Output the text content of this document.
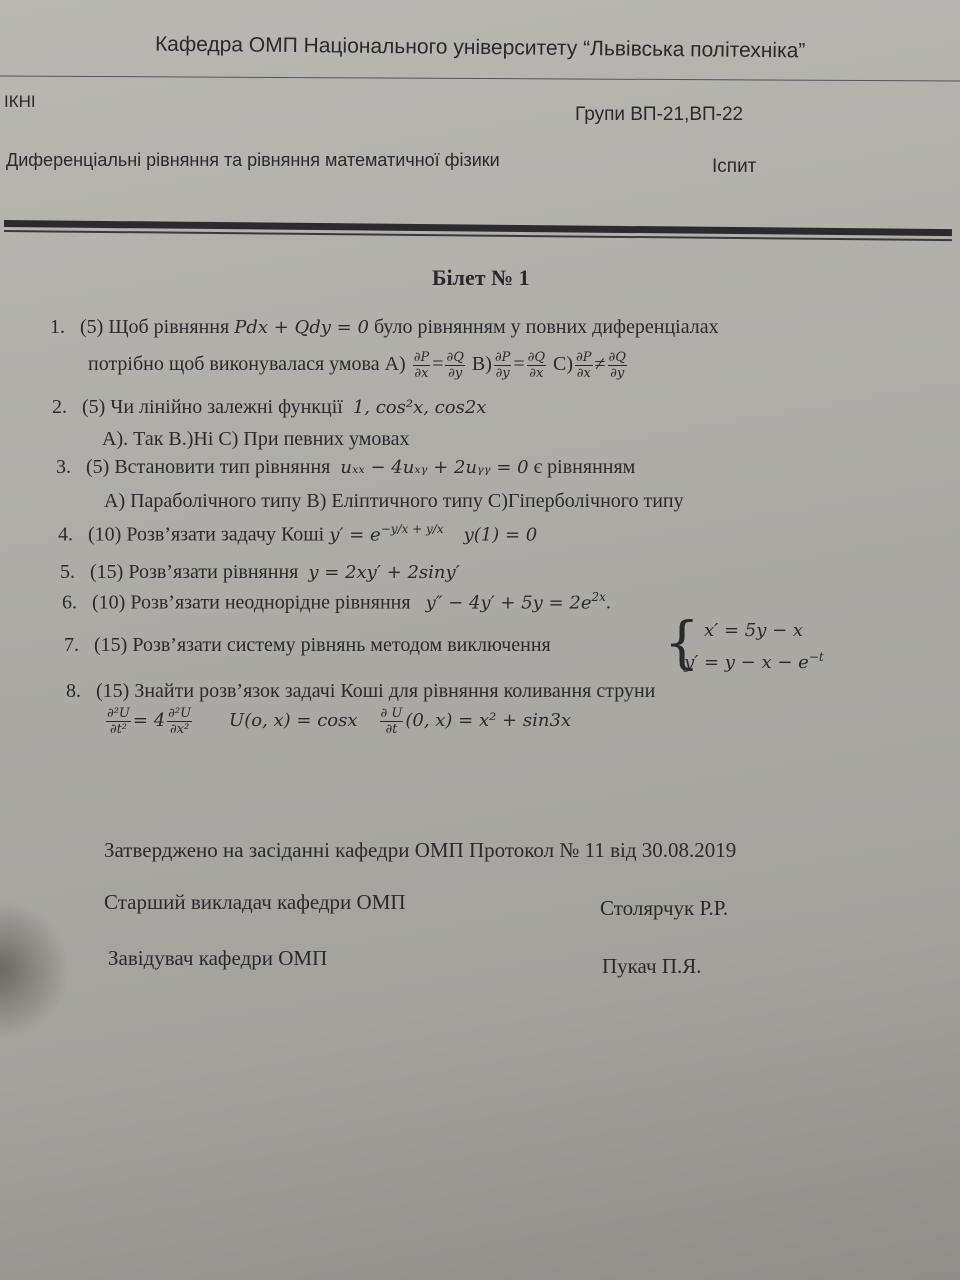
Кафедра ОМП Національного університету “Львівська політехніка”
ІКНІ
Групи ВП-21,ВП-22
Диференціальні рівняння та рівняння математичної фізики	Іспит
Білет № 1
1. (5) Щоб рівняння Pdx + Qdy = 0 було рівнянням у повних диференціалах
потрібно щоб виконувалася умова $A) \frac{\partial P}{\partial x} = \frac{\partial Q}{\partial y} B) \frac{\partial P}{\partial y} = \frac{\partial Q}{\partial x} C) \frac{\partial P}{\partial x} \ne \frac{\partial Q}{\partial y}$
2. (5) Чи лінійно залежні функції 1, cos²x, cos2x
A). Так B.)Ні C) При певних умовах
3. (5) Встановити тип рівняння uₓₓ − 4uₓᵧ + 2uᵧᵧ = 0 є рівнянням
A) Параболічного типу B) Еліптичного типу C)Гіперболічного типу
4. (10) Розв’язати задачу Коші $y' = e^{-y/x + y/x}$ y(1) = 0
5. (15) Розв’язати рівняння y = 2xy′ + 2siny′
6. (10) Розв’язати неоднорідне рівняння $y'' - 4y' + 5y = 2e^{2x}$.
7. (15) Розв’язати систему рівнянь методом виключення { x′ = 5y − x
$y' = y - x - e^{-t}$
8. (15) Знайти розв’язок задачі Коші для рівняння коливання струни
$\frac{\text{∂²U}}{\text{∂t²}} = 4 \frac{\text{∂²U}}{\text{∂x²}} U(o$, x) = cosx $\frac{\partial U}{\partial t} (0$, x) = x² + sin3x
Затверджено на засіданні кафедри ОМП Протокол № 11 від 30.08.2019
Старший викладач кафедри ОМП	Столярчук Р.Р.
Завідувач кафедри ОМП	Пукач П.Я.
